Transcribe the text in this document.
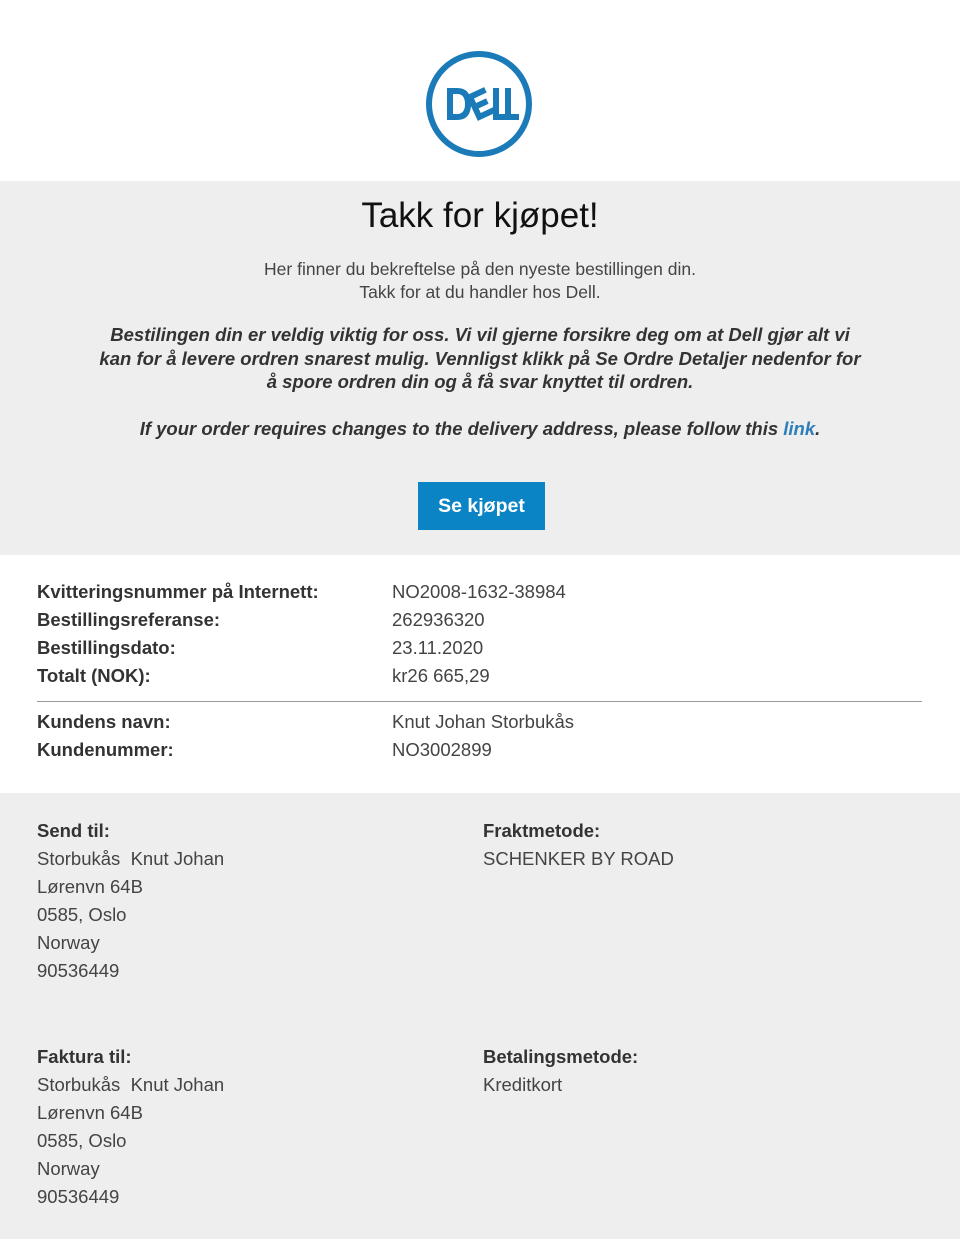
Takk for kjøpet!
Her finner du bekreftelse på den nyeste bestillingen din.
Takk for at du handler hos Dell.
Bestilingen din er veldig viktig for oss. Vi vil gjerne forsikre deg om at Dell gjør alt vi
kan for å levere ordren snarest mulig. Vennligst klikk på Se Ordre Detaljer nedenfor for
å spore ordren din og å få svar knyttet til ordren.
If your order requires changes to the delivery address, please follow this link.
Se kjøpet
Kvitteringsnummer på Internett:	NO2008-1632-38984
Bestillingsreferanse:	262936320
Bestillingsdato:	23.11.2020
Totalt (NOK):	kr26 665,29
Kundens navn:	Knut Johan Storbukås
Kundenummer:	NO3002899
Send til:
Storbukås  Knut Johan
Lørenvn 64B
0585, Oslo
Norway
90536449
Fraktmetode:
SCHENKER BY ROAD
Faktura til:
Storbukås  Knut Johan
Lørenvn 64B
0585, Oslo
Norway
90536449
Betalingsmetode:
Kreditkort
